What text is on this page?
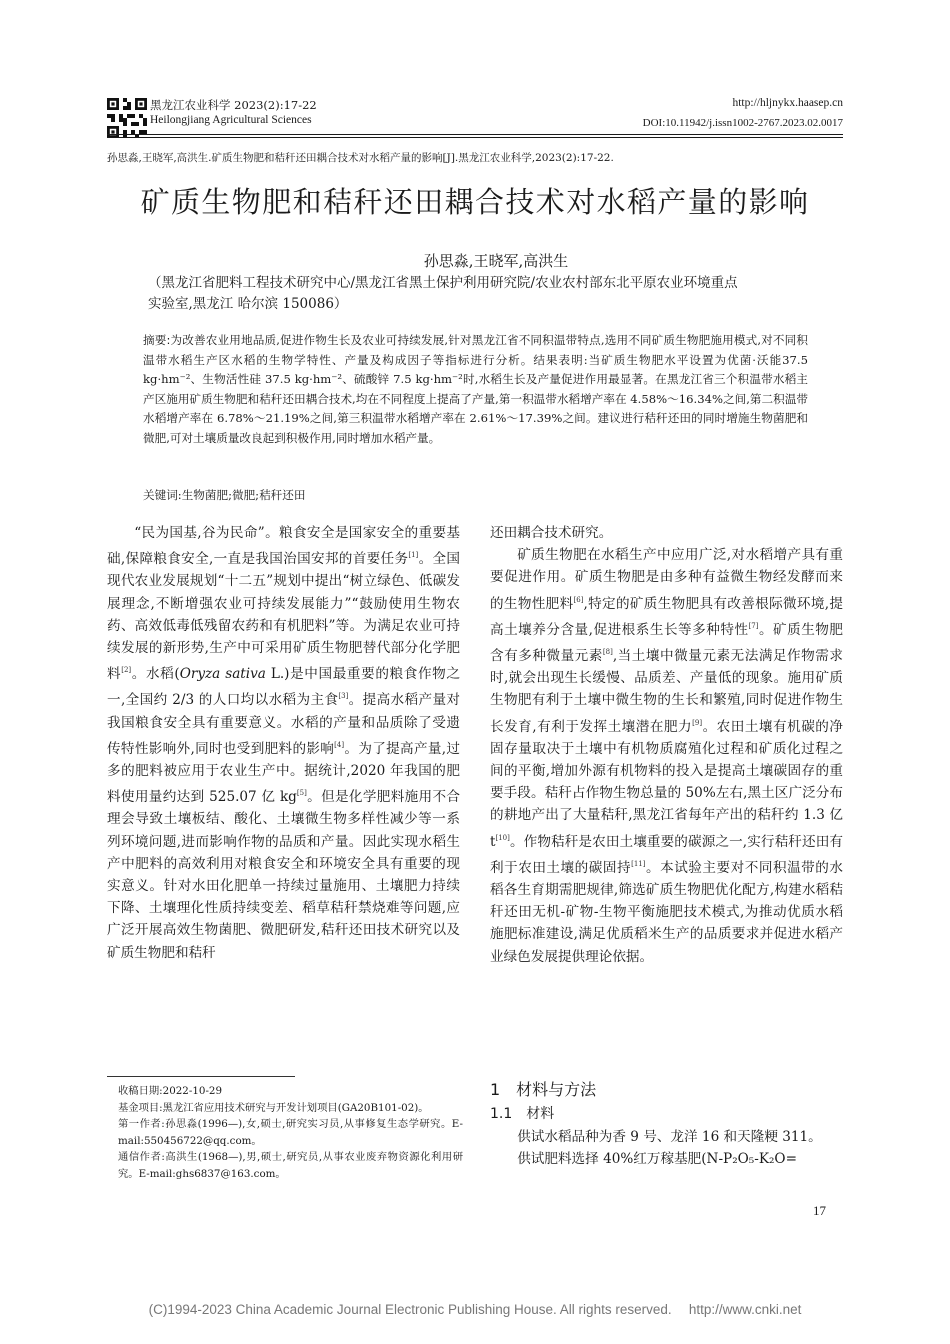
黑龙江农业科学 2023(2):17-22
Heilongjiang Agricultural Sciences
http://hljnykx.haasep.cn
DOI:10.11942/j.issn1002-2767.2023.02.0017
孙思淼,王晓军,高洪生.矿质生物肥和秸秆还田耦合技术对水稻产量的影响[J].黑龙江农业科学,2023(2):17-22.
矿质生物肥和秸秆还田耦合技术对水稻产量的影响
孙思淼,王晓军,高洪生
（黑龙江省肥料工程技术研究中心/黑龙江省黑土保护利用研究院/农业农村部东北平原农业环境重点实验室,黑龙江 哈尔滨 150086）
摘要:为改善农业用地品质,促进作物生长及农业可持续发展,针对黑龙江省不同积温带特点,选用不同矿质生物肥施用模式,对不同积温带水稻生产区水稻的生物学特性、产量及构成因子等指标进行分析。结果表明:当矿质生物肥水平设置为优菌·沃能37.5 kg·hm⁻²、生物活性硅 37.5 kg·hm⁻²、硫酸锌 7.5 kg·hm⁻²时,水稻生长及产量促进作用最显著。在黑龙江省三个积温带水稻主产区施用矿质生物肥和秸秆还田耦合技术,均在不同程度上提高了产量,第一积温带水稻增产率在 4.58%～16.34%之间,第二积温带水稻增产率在 6.78%～21.19%之间,第三积温带水稻增产率在 2.61%～17.39%之间。建议进行秸秆还田的同时增施生物菌肥和微肥,可对土壤质量改良起到积极作用,同时增加水稻产量。
关键词:生物菌肥;微肥;秸秆还田

“民为国基,谷为民命”。粮食安全是国家安全的重要基础,保障粮食安全,一直是我国治国安邦的首要任务[1]。全国现代农业发展规划“十二五”规划中提出“树立绿色、低碳发展理念,不断增强农业可持续发展能力”“鼓励使用生物农药、高效低毒低残留农药和有机肥料”等。为满足农业可持续发展的新形势,生产中可采用矿质生物肥替代部分化学肥料[2]。水稻(Oryza sativa L.)是中国最重要的粮食作物之一,全国约 2/3 的人口均以水稻为主食[3]。提高水稻产量对我国粮食安全具有重要意义。水稻的产量和品质除了受遗传特性影响外,同时也受到肥料的影响[4]。为了提高产量,过多的肥料被应用于农业生产中。据统计,2020 年我国的肥料使用量约达到 525.07 亿 kg[5]。但是化学肥料施用不合理会导致土壤板结、酸化、土壤微生物多样性减少等一系列环境问题,进而影响作物的品质和产量。因此实现水稻生产中肥料的高效利用对粮食安全和环境安全具有重要的现实意义。针对水田化肥单一持续过量施用、土壤肥力持续下降、土壤理化性质持续变差、稻草秸秆禁烧难等问题,应广泛开展高效生物菌肥、微肥研发,秸秆还田技术研究以及矿质生物肥和秸秆

收稿日期:2022-10-29
基金项目:黑龙江省应用技术研究与开发计划项目(GA20B101-02)。
第一作者:孙思淼(1996—),女,硕士,研究实习员,从事修复生态学研究。E-mail:550456722@qq.com。
通信作者:高洪生(1968—),男,硕士,研究员,从事农业废弃物资源化利用研究。E-mail:ghs6837@163.com。

还田耦合技术研究。

矿质生物肥在水稻生产中应用广泛,对水稻增产具有重要促进作用。矿质生物肥是由多种有益微生物经发酵而来的生物性肥料[6],特定的矿质生物肥具有改善根际微环境,提高土壤养分含量,促进根系生长等多种特性[7]。矿质生物肥含有多种微量元素[8],当土壤中微量元素无法满足作物需求时,就会出现生长缓慢、品质差、产量低的现象。施用矿质生物肥有利于土壤中微生物的生长和繁殖,同时促进作物生长发育,有利于发挥土壤潜在肥力[9]。农田土壤有机碳的净固存量取决于土壤中有机物质腐殖化过程和矿质化过程之间的平衡,增加外源有机物料的投入是提高土壤碳固存的重要手段。秸秆占作物生物总量的 50%左右,黑土区广泛分布的耕地产出了大量秸秆,黑龙江省每年产出的秸秆约 1.3 亿 t[10]。作物秸秆是农田土壤重要的碳源之一,实行秸秆还田有利于农田土壤的碳固持[11]。本试验主要对不同积温带的水稻各生育期需肥规律,筛选矿质生物肥优化配方,构建水稻秸秆还田无机-矿物-生物平衡施肥技术模式,为推动优质水稻施肥标准建设,满足优质稻米生产的品质要求并促进水稻产业绿色发展提供理论依据。

1　材料与方法
1.1　材料

供试水稻品种为香 9 号、龙洋 16 和天隆粳 311。

供试肥料选择 40%红万稼基肥(N-P₂O₅-K₂O=

17
(C)1994-2023 China Academic Journal Electronic Publishing House. All rights reserved.　 http://www.cnki.net
